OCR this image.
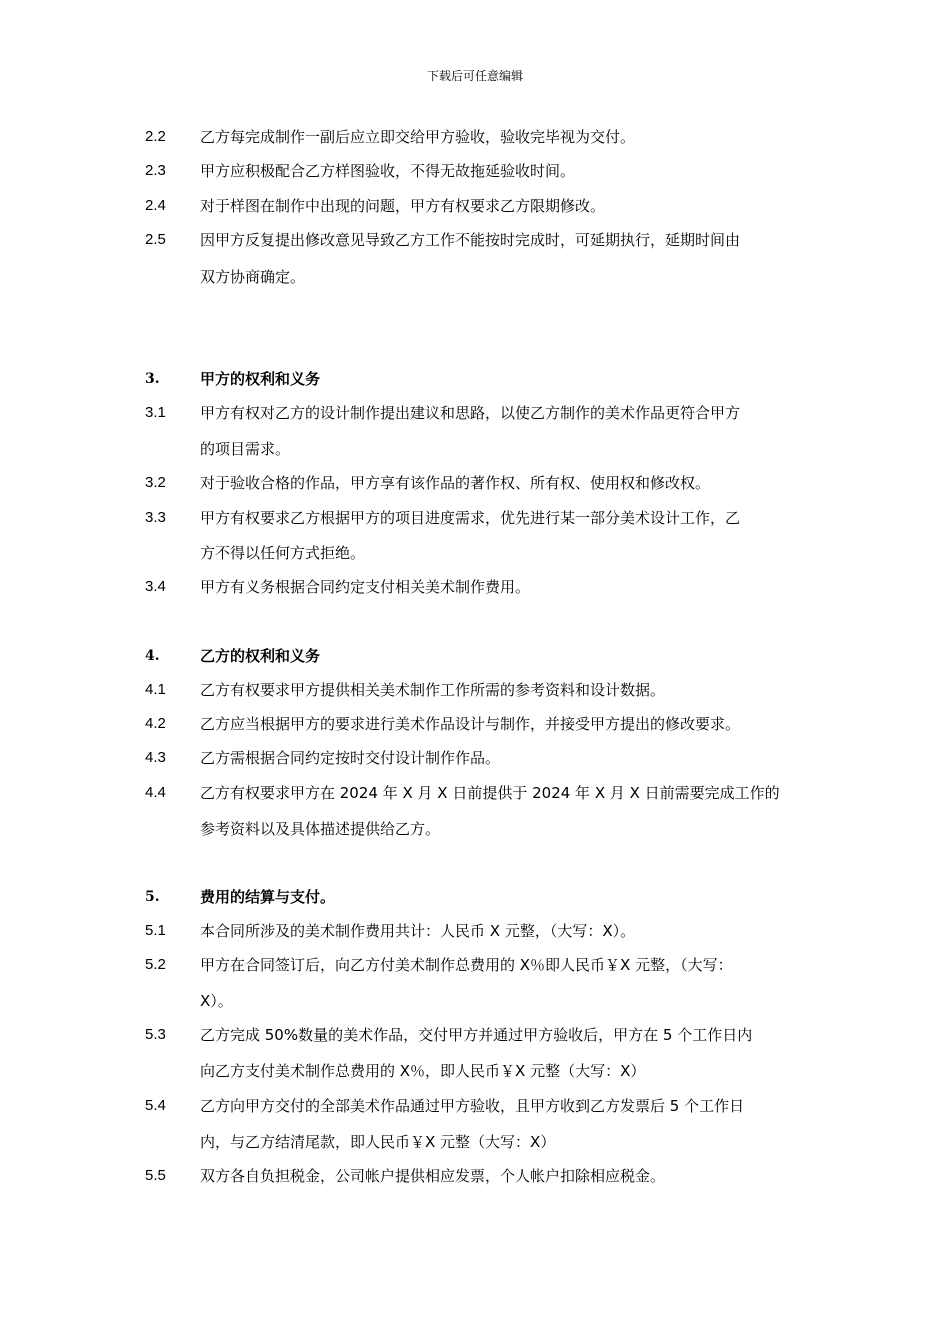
下载后可任意编辑
2.2 乙方每完成制作一副后应立即交给甲方验收，验收完毕视为交付。
2.3 甲方应积极配合乙方样图验收，不得无故拖延验收时间。
2.4 对于样图在制作中出现的问题，甲方有权要求乙方限期修改。
2.5 因甲方反复提出修改意见导致乙方工作不能按时完成时，可延期执行，延期时间由
双方协商确定。
3.	甲方的权利和义务
3.1 甲方有权对乙方的设计制作提出建议和思路，以使乙方制作的美术作品更符合甲方
的项目需求。
3.2 对于验收合格的作品，甲方享有该作品的著作权、所有权、使用权和修改权。
3.3 甲方有权要求乙方根据甲方的项目进度需求，优先进行某一部分美术设计工作，乙
方不得以任何方式拒绝。
3.4 甲方有义务根据合同约定支付相关美术制作费用。
4.	乙方的权利和义务
4.1 乙方有权要求甲方提供相关美术制作工作所需的参考资料和设计数据。
4.2 乙方应当根据甲方的要求进行美术作品设计与制作，并接受甲方提出的修改要求。
4.3 乙方需根据合同约定按时交付设计制作作品。
4.4 乙方有权要求甲方在 2024 年 X 月 X 日前提供于 2024 年 X 月 X 日前需要完成工作的
参考资料以及具体描述提供给乙方。
5.	费用的结算与支付。
5.1 本合同所涉及的美术制作费用共计：人民币 X 元整，（大写：X）。
5.2 甲方在合同签订后，向乙方付美术制作总费用的 X％即人民币￥X 元整，（大写：
X）。
5.3 乙方完成 50%数量的美术作品，交付甲方并通过甲方验收后，甲方在 5 个工作日内
向乙方支付美术制作总费用的 X％，即人民币￥X 元整（大写：X）
5.4 乙方向甲方交付的全部美术作品通过甲方验收，且甲方收到乙方发票后 5 个工作日
内，与乙方结清尾款，即人民币￥X 元整（大写：X）
5.5 双方各自负担税金，公司帐户提供相应发票，个人帐户扣除相应税金。
